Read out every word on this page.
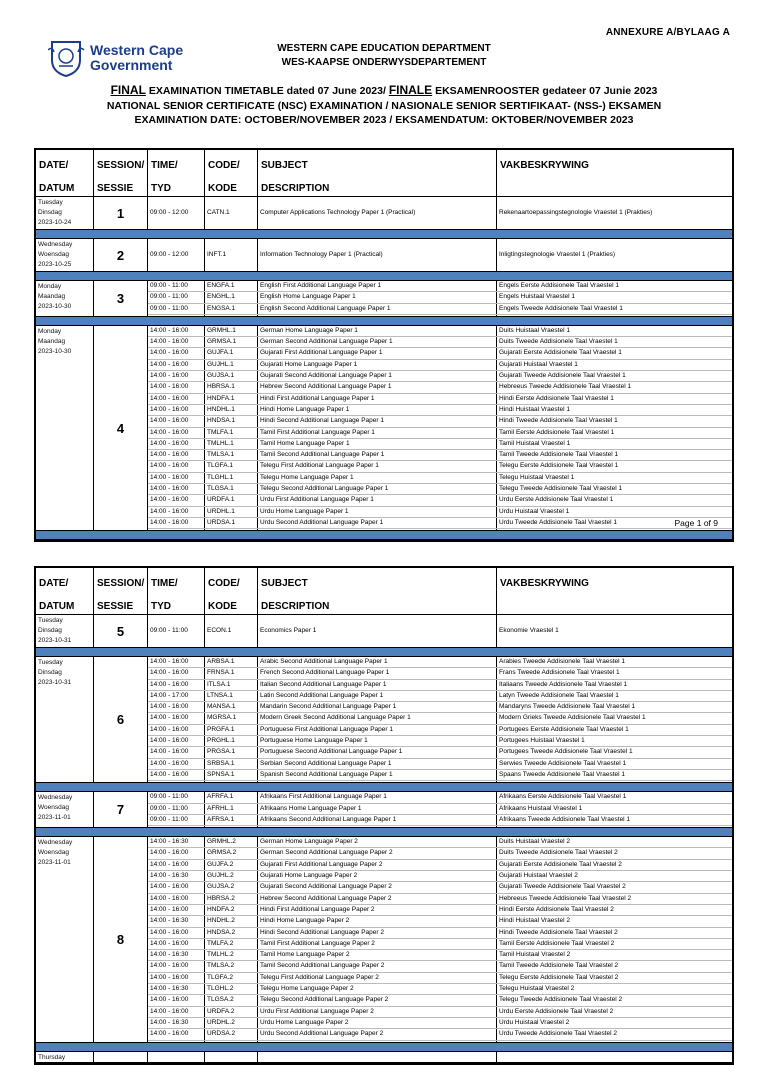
ANNEXURE A/BYLAAG A
Western Cape
Government
WESTERN CAPE EDUCATION DEPARTMENT
WES-KAAPSE ONDERWYSDEPARTEMENT
FINAL EXAMINATION TIMETABLE dated 07 June 2023/ FINALE EKSAMENROOSTER gedateer 07 Junie 2023
NATIONAL SENIOR CERTIFICATE (NSC) EXAMINATION / NASIONALE SENIOR SERTIFIKAAT- (NSS-) EKSAMEN
EXAMINATION DATE: OCTOBER/NOVEMBER 2023 / EKSAMENDATUM: OKTOBER/NOVEMBER 2023
DATE/
DATUM
SESSION/
SESSIE
TIME/
TYD
CODE/
KODE
SUBJECT
DESCRIPTION
VAKBESKRYWING
Tuesday
Dinsdag
2023-10-24
1	09:00 - 12:00	CATN.1	Computer Applications Technology Paper 1 (Practical)	Rekenaartoepassingstegnologie Vraestel 1 (Prakties)
Wednesday
Woensdag
2023-10-25
2	09:00 - 12:00	INFT.1	Information Technology Paper 1 (Practical)	Inligtingstegnologie Vraestel 1 (Prakties)
Monday
Maandag
2023-10-30
3
09:00 - 11:00	ENGFA.1	English First Additional Language Paper 1	Engels Eerste Addisionele Taal Vraestel 1
09:00 - 11:00	ENGHL.1	English Home Language Paper 1	Engels Huistaal Vraestel 1
09:00 - 11:00	ENGSA.1	English Second Additional Language Paper 1	Engels Tweede Addisionele Taal Vraestel 1
Monday
Maandag
2023-10-30
4
14:00 - 16:00	GRMHL.1	German Home Language Paper 1	Duits Huistaal Vraestel 1
14:00 - 16:00	GRMSA.1	German Second Additional Language Paper 1	Duits Tweede Addisionele Taal Vraestel 1
14:00 - 16:00	GUJFA.1	Gujarati First Additional Language Paper 1	Gujarati Eerste Addisionele Taal Vraestel 1
14:00 - 16:00	GUJHL.1	Gujarati Home Language Paper 1	Gujarati Huistaal Vraestel 1
14:00 - 16:00	GUJSA.1	Gujarati Second Additional Language Paper 1	Gujarati Tweede Addisionele Taal Vraestel 1
14:00 - 16:00	HBRSA.1	Hebrew Second Additional Language Paper 1	Hebreeus Tweede Addisionele Taal Vraestel 1
14:00 - 16:00	HNDFA.1	Hindi First Additional Language Paper 1	Hindi Eerste Addisionele Taal Vraestel 1
14:00 - 16:00	HNDHL.1	Hindi Home Language Paper 1	Hindi Huistaal Vraestel 1
14:00 - 16:00	HNDSA.1	Hindi Second Additional Language Paper 1	Hindi Tweede Addisionele Taal Vraestel 1
14:00 - 16:00	TMLFA.1	Tamil First Additional Language Paper 1	Tamil Eerste Addisionele Taal Vraestel 1
14:00 - 16:00	TMLHL.1	Tamil Home Language Paper 1	Tamil Huistaal Vraestel 1
14:00 - 16:00	TMLSA.1	Tamil Second Additional Language Paper 1	Tamil Tweede Addisionele Taal Vraestel 1
14:00 - 16:00	TLGFA.1	Telegu First Additional Language Paper 1	Telegu Eerste Addisionele Taal Vraestel 1
14:00 - 16:00	TLGHL.1	Telegu Home Language Paper 1	Telegu Huistaal Vraestel 1
14:00 - 16:00	TLGSA.1	Telegu Second Additional Language Paper 1	Telegu Tweede Addisionele Taal Vraestel 1
14:00 - 16:00	URDFA.1	Urdu First Additional Language Paper 1	Urdu Eerste Addisionele Taal Vraestel 1
14:00 - 16:00	URDHL.1	Urdu Home Language Paper 1	Urdu Huistaal Vraestel 1
14:00 - 16:00	URDSA.1	Urdu Second Additional Language Paper 1	Urdu Tweede Addisionele Taal Vraestel 1	Page 1 of 9
DATE/
DATUM
SESSION/
SESSIE
TIME/
TYD
CODE/
KODE
SUBJECT
DESCRIPTION
VAKBESKRYWING
Tuesday
Dinsdag
2023-10-31
5	09:00 - 11:00	ECON.1	Economics Paper 1	Ekonomie Vraestel 1
Tuesday
Dinsdag
2023-10-31
6
14:00 - 16:00	ARBSA.1	Arabic Second Additional Language Paper 1	Arabies Tweede Addisionele Taal Vraestel 1
14:00 - 16:00	FRNSA.1	French Second Additional Language Paper 1	Frans Tweede Addisionele Taal Vraestel 1
14:00 - 16:00	ITLSA.1	Italian Second Additional Language Paper 1	Italiaans Tweede Addisionele Taal Vraestel 1
14:00 - 17:00	LTNSA.1	Latin Second Additional Language Paper 1	Latyn Tweede Addisionele Taal Vraestel 1
14:00 - 16:00	MANSA.1	Mandarin Second Additional Language Paper 1	Mandaryns Tweede Addisionele Taal Vraestel 1
14:00 - 16:00	MGRSA.1	Modern Greek Second Additional Language Paper 1	Modern Grieks Tweede Addisionele Taal Vraestel 1
14:00 - 16:00	PRGFA.1	Portuguese First Additional Language Paper 1	Portugees Eerste Addisionele Taal Vraestel 1
14:00 - 16:00	PRGHL.1	Portuguese Home Language Paper 1	Portugees Huistaal Vraestel 1
14:00 - 16:00	PRGSA.1	Portuguese Second Additional Language Paper 1	Portugees Tweede Addisionele Taal Vraestel 1
14:00 - 16:00	SRBSA.1	Serbian Second Additional Language Paper 1	Serwies Tweede Addisionele Taal Vraestel 1
14:00 - 16:00	SPNSA.1	Spanish Second Additional Language Paper 1	Spaans Tweede Addisionele Taal Vraestel 1
Wednesday
Woensdag
2023-11-01
7
09:00 - 11:00	AFRFA.1	Afrikaans First Additional Language Paper 1	Afrikaans Eerste Addisionele Taal Vraestel 1
09:00 - 11:00	AFRHL.1	Afrikaans Home Language Paper 1	Afrikaans Huistaal Vraestel 1
09:00 - 11:00	AFRSA.1	Afrikaans Second Additional Language Paper 1	Afrikaans Tweede Addisionele Taal Vraestel 1
Wednesday
Woensdag
2023-11-01
8
14:00 - 16:30	GRMHL.2	German Home Language Paper 2	Duits Huistaal Vraestel 2
14:00 - 16:00	GRMSA.2	German Second Additional Language Paper 2	Duits Tweede Addisionele Taal Vraestel 2
14:00 - 16:00	GUJFA.2	Gujarati First Additional Language Paper 2	Gujarati Eerste Addisionele Taal Vraestel 2
14:00 - 16:30	GUJHL.2	Gujarati Home Language Paper 2	Gujarati Huistaal Vraestel 2
14:00 - 16:00	GUJSA.2	Gujarati Second Additional Language Paper 2	Gujarati Tweede Addisionele Taal Vraestel 2
14:00 - 16:00	HBRSA.2	Hebrew Second Additional Language Paper 2	Hebreeus Tweede Addisionele Taal Vraestel 2
14:00 - 16:00	HNDFA.2	Hindi First Additional Language Paper 2	Hindi Eerste Addisionele Taal Vraestel 2
14:00 - 16:30	HNDHL.2	Hindi Home Language Paper 2	Hindi Huistaal Vraestel 2
14:00 - 16:00	HNDSA.2	Hindi Second Additional Language Paper 2	Hindi Tweede Addisionele Taal Vraestel 2
14:00 - 16:00	TMLFA.2	Tamil First Additional Language Paper 2	Tamil Eerste Addisionele Taal Vraestel 2
14:00 - 16:30	TMLHL.2	Tamil Home Language Paper 2	Tamil Huistaal Vraestel 2
14:00 - 16:00	TMLSA.2	Tamil Second Additional Language Paper 2	Tamil Tweede Addisionele Taal Vraestel 2
14:00 - 16:00	TLGFA.2	Telegu First Additional Language Paper 2	Telegu Eerste Addisionele Taal Vraestel 2
14:00 - 16:30	TLGHL.2	Telegu Home Language Paper 2	Telegu Huistaal Vraestel 2
14:00 - 16:00	TLGSA.2	Telegu Second Additional Language Paper 2	Telegu Tweede Addisionele Taal Vraestel 2
14:00 - 16:00	URDFA.2	Urdu First Additional Language Paper 2	Urdu Eerste Addisionele Taal Vraestel 2
14:00 - 16:30	URDHL.2	Urdu Home Language Paper 2	Urdu Huistaal Vraestel 2
14:00 - 16:00	URDSA.2	Urdu Second Additional Language Paper 2	Urdu Tweede Addisionele Taal Vraestel 2
Thursday
